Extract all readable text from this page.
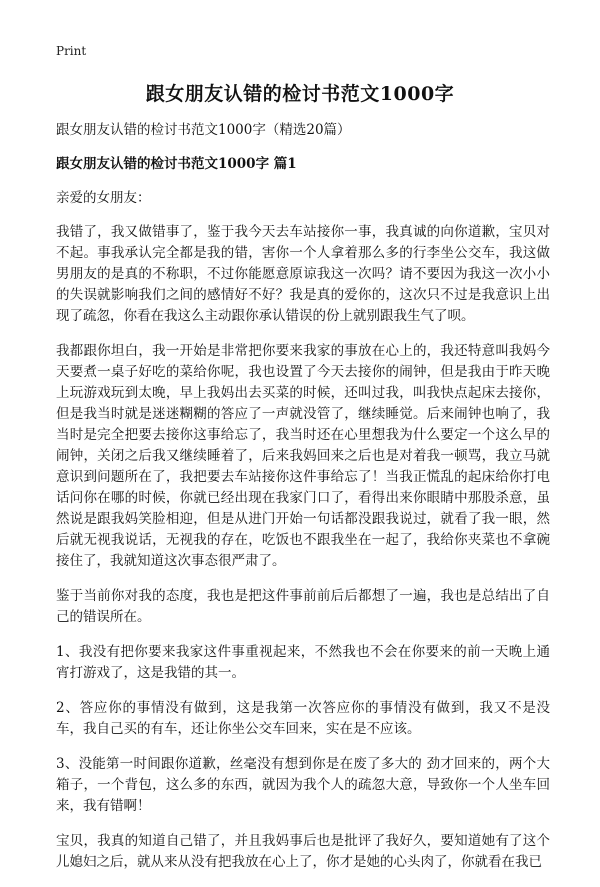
Print
跟女朋友认错的检讨书范文1000字

跟女朋友认错的检讨书范文1000字（精选20篇）

跟女朋友认错的检讨书范文1000字 篇1

亲爱的女朋友：

我错了，我又做错事了，鉴于我今天去车站接你一事，我真诚的向你道歉，宝贝对不起。事我承认完全都是我的错，害你一个人拿着那么多的行李坐公交车，我这做男朋友的是真的不称职，不过你能愿意原谅我这一次吗？请不要因为我这一次小小的失误就影响我们之间的感情好不好？我是真的爱你的，这次只不过是我意识上出现了疏忽，你看在我这么主动跟你承认错误的份上就别跟我生气了呗。

我都跟你坦白，我一开始是非常把你要来我家的事放在心上的，我还特意叫我妈今天要煮一桌子好吃的菜给你呢，我也设置了今天去接你的闹钟，但是我由于昨天晚上玩游戏玩到太晚，早上我妈出去买菜的时候，还叫过我，叫我快点起床去接你，但是我当时就是迷迷糊糊的答应了一声就没管了，继续睡觉。后来闹钟也响了，我当时是完全把要去接你这事给忘了，我当时还在心里想我为什么要定一个这么早的闹钟，关闭之后我又继续睡着了，后来我妈回来之后也是对着我一顿骂，我立马就意识到问题所在了，我把要去车站接你这件事给忘了！当我正慌乱的起床给你打电话问你在哪的时候，你就已经出现在我家门口了，看得出来你眼睛中那股杀意，虽然说是跟我妈笑脸相迎，但是从进门开始一句话都没跟我说过，就看了我一眼，然后就无视我说话，无视我的存在，吃饭也不跟我坐在一起了，我给你夹菜也不拿碗接住了，我就知道这次事态很严肃了。

鉴于当前你对我的态度，我也是把这件事前前后后都想了一遍，我也是总结出了自己的错误所在。

1、我没有把你要来我家这件事重视起来，不然我也不会在你要来的前一天晚上通宵打游戏了，这是我错的其一。

2、答应你的事情没有做到，这是我第一次答应你的事情没有做到，我又不是没车，我自己买的有车，还让你坐公交车回来，实在是不应该。

3、没能第一时间跟你道歉，丝毫没有想到你是在废了多大的 劲才回来的，两个大箱子，一个背包，这么多的东西，就因为我个人的疏忽大意，导致你一个人坐车回来，我有错啊！

宝贝，我真的知道自己错了，并且我妈事后也是批评了我好久，要知道她有了这个儿媳妇之后，就从来从没有把我放在心上了，你才是她的心头肉了，你就看在我已
